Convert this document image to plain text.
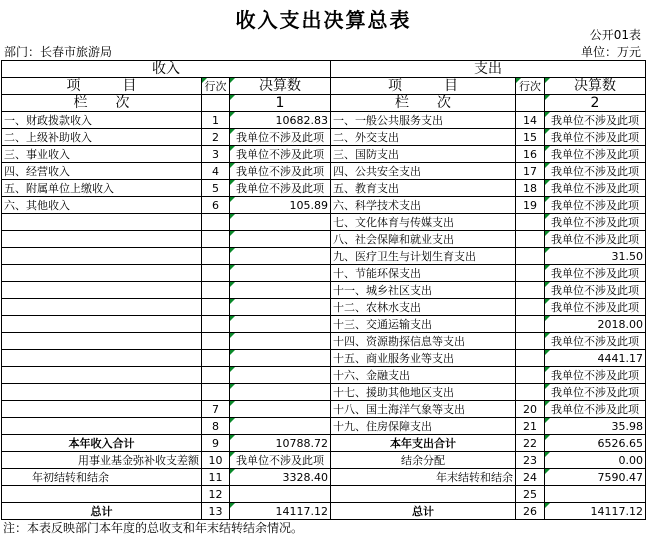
收入支出决算总表
公开01表
部门：长春市旅游局	单位：万元
收入			支出		
项　　　目	行次	决算数	项　　　目	行次	决算数
栏　　次		1	栏　　次		2
一、财政拨款收入	1	10682.83	一、一般公共服务支出	14	我单位不涉及此项
二、上级补助收入	2	我单位不涉及此项	二、外交支出	15	我单位不涉及此项
三、事业收入	3	我单位不涉及此项	三、国防支出	16	我单位不涉及此项
四、经营收入	4	我单位不涉及此项	四、公共安全支出	17	我单位不涉及此项
五、附属单位上缴收入	5	我单位不涉及此项	五、教育支出	18	我单位不涉及此项
六、其他收入	6	105.89	六、科学技术支出	19	我单位不涉及此项
			七、文化体育与传媒支出		我单位不涉及此项
			八、社会保障和就业支出		我单位不涉及此项
			九、医疗卫生与计划生育支出		31.50
			十、节能环保支出		我单位不涉及此项
			十一、城乡社区支出		我单位不涉及此项
			十二、农林水支出		我单位不涉及此项
			十三、交通运输支出		2018.00
			十四、资源勘探信息等支出		我单位不涉及此项
			十五、商业服务业等支出		4441.17
			十六、金融支出		我单位不涉及此项
			十七、援助其他地区支出		我单位不涉及此项
	7		十八、国土海洋气象等支出	20	我单位不涉及此项
	8		十九、住房保障支出	21	35.98
本年收入合计	9	10788.72	本年支出合计	22	6526.65
用事业基金弥补收支差额	10	我单位不涉及此项	结余分配	23	0.00
年初结转和结余	11	3328.40	年末结转和结余	24	7590.47
	12			25	
总计	13	14117.12	总计	26	14117.12
注：本表反映部门本年度的总收支和年末结转结余情况。
